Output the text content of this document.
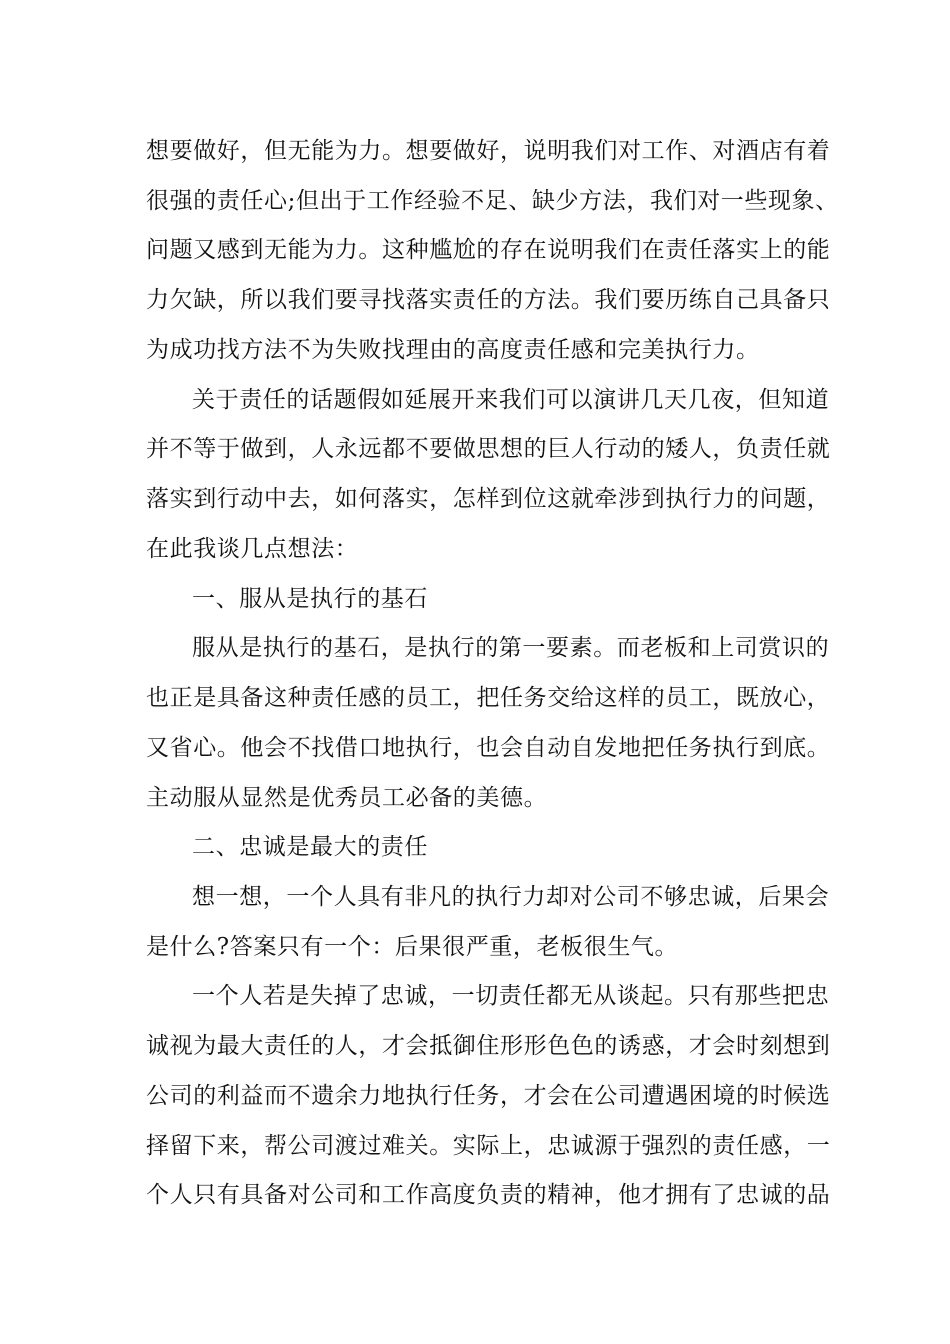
想要做好，但无能为力。想要做好，说明我们对工作、对酒店有着
很强的责任心;但出于工作经验不足、缺少方法，我们对一些现象、
问题又感到无能为力。这种尴尬的存在说明我们在责任落实上的能
力欠缺，所以我们要寻找落实责任的方法。我们要历练自己具备只
为成功找方法不为失败找理由的高度责任感和完美执行力。
关于责任的话题假如延展开来我们可以演讲几天几夜，但知道
并不等于做到，人永远都不要做思想的巨人行动的矮人，负责任就
落实到行动中去，如何落实，怎样到位这就牵涉到执行力的问题，
在此我谈几点想法：
一、服从是执行的基石
服从是执行的基石，是执行的第一要素。而老板和上司赏识的
也正是具备这种责任感的员工，把任务交给这样的员工，既放心，
又省心。他会不找借口地执行，也会自动自发地把任务执行到底。
主动服从显然是优秀员工必备的美德。
二、忠诚是最大的责任
想一想，一个人具有非凡的执行力却对公司不够忠诚，后果会
是什么?答案只有一个：后果很严重，老板很生气。
一个人若是失掉了忠诚，一切责任都无从谈起。只有那些把忠
诚视为最大责任的人，才会抵御住形形色色的诱惑，才会时刻想到
公司的利益而不遗余力地执行任务，才会在公司遭遇困境的时候选
择留下来，帮公司渡过难关。实际上，忠诚源于强烈的责任感，一
个人只有具备对公司和工作高度负责的精神，他才拥有了忠诚的品
